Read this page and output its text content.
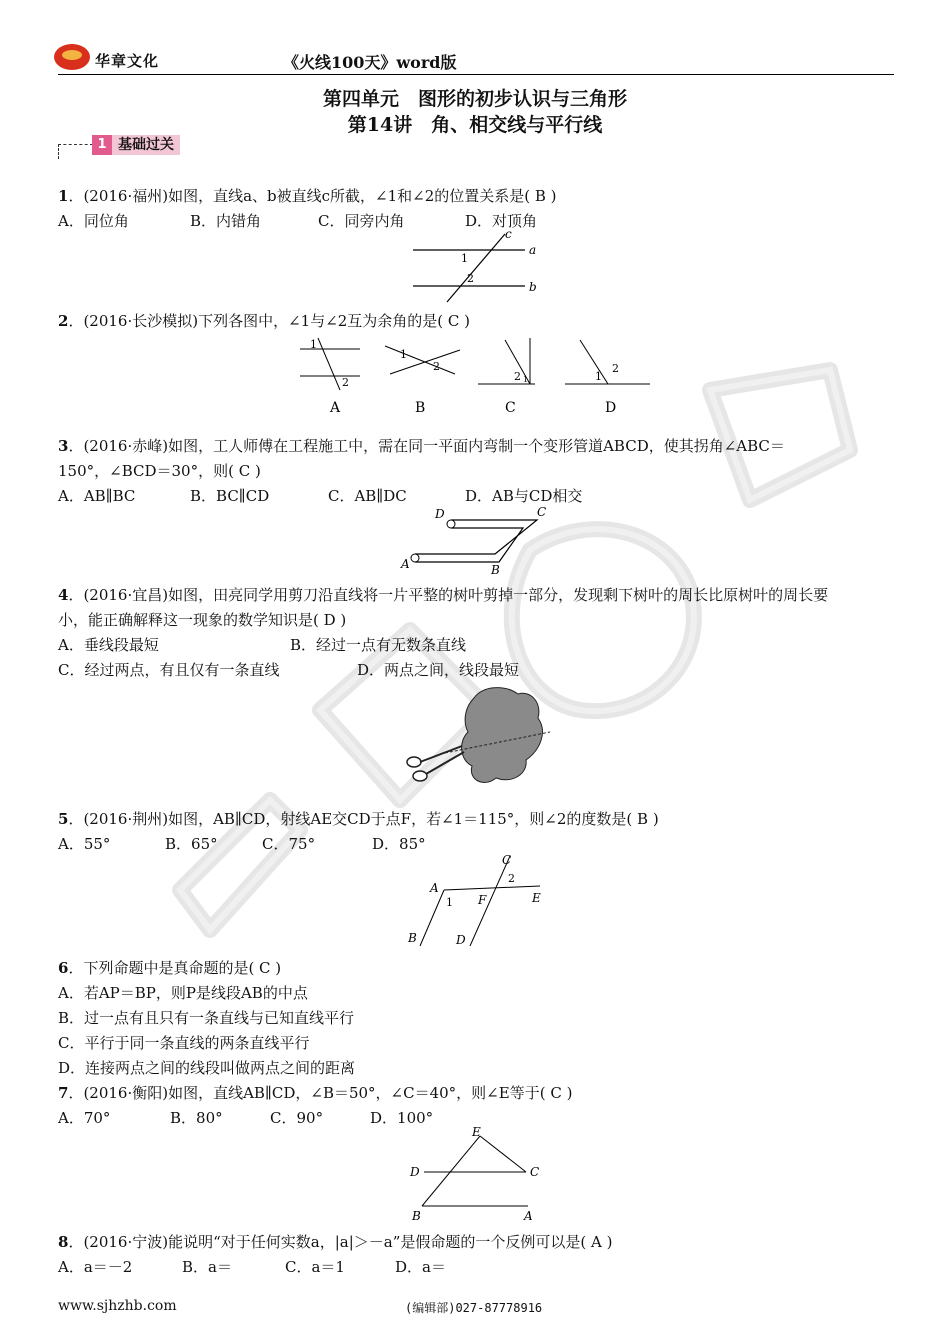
华章文化	《火线100天》word版
第四单元　图形的初步认识与三角形
第14讲　角、相交线与平行线
1 基础过关
1．(2016·福州)如图，直线a、b被直线c所截，∠1和∠2的位置关系是( B )
A．同位角	B．内错角	C．同旁内角	D．对顶角
c
a
b
1
2
2．(2016·长沙模拟)下列各图中，∠1与∠2互为余角的是( C )
1
2
A
1
2
B
2 1
C
1
2
D
3．(2016·赤峰)如图，工人师傅在工程施工中，需在同一平面内弯制一个变形管道ABCD，使其拐角∠ABC＝
150°，∠BCD＝30°，则( C )
A．AB∥BC	B．BC∥CD	C．AB∥DC	D．AB与CD相交
D	C
A	B
4．(2016·宜昌)如图，田亮同学用剪刀沿直线将一片平整的树叶剪掉一部分，发现剩下树叶的周长比原树叶的周长要
小，能正确解释这一现象的数学知识是( D )
A．垂线段最短	B．经过一点有无数条直线
C．经过两点，有且仅有一条直线	D．两点之间，线段最短
5．(2016·荆州)如图，AB∥CD，射线AE交CD于点F，若∠1＝115°，则∠2的度数是( B )
A．55°	B．65°	C．75°	D．85°
C
2
A
1 F	E
B	D
6．下列命题中是真命题的是( C )
A．若AP＝BP，则P是线段AB的中点
B．过一点有且只有一条直线与已知直线平行
C．平行于同一条直线的两条直线平行
D．连接两点之间的线段叫做两点之间的距离
7．(2016·衡阳)如图，直线AB∥CD，∠B＝50°，∠C＝40°，则∠E等于( C )
A．70°	B．80°	C．90°	D．100°
E
D	C
B	A
8．(2016·宁波)能说明“对于任何实数a，|a|＞－a”是假命题的一个反例可以是( A )
A．a＝－2	B．a＝	C．a＝1	D．a＝
www.sjhzhb.com	(编辑部)027-87778916
